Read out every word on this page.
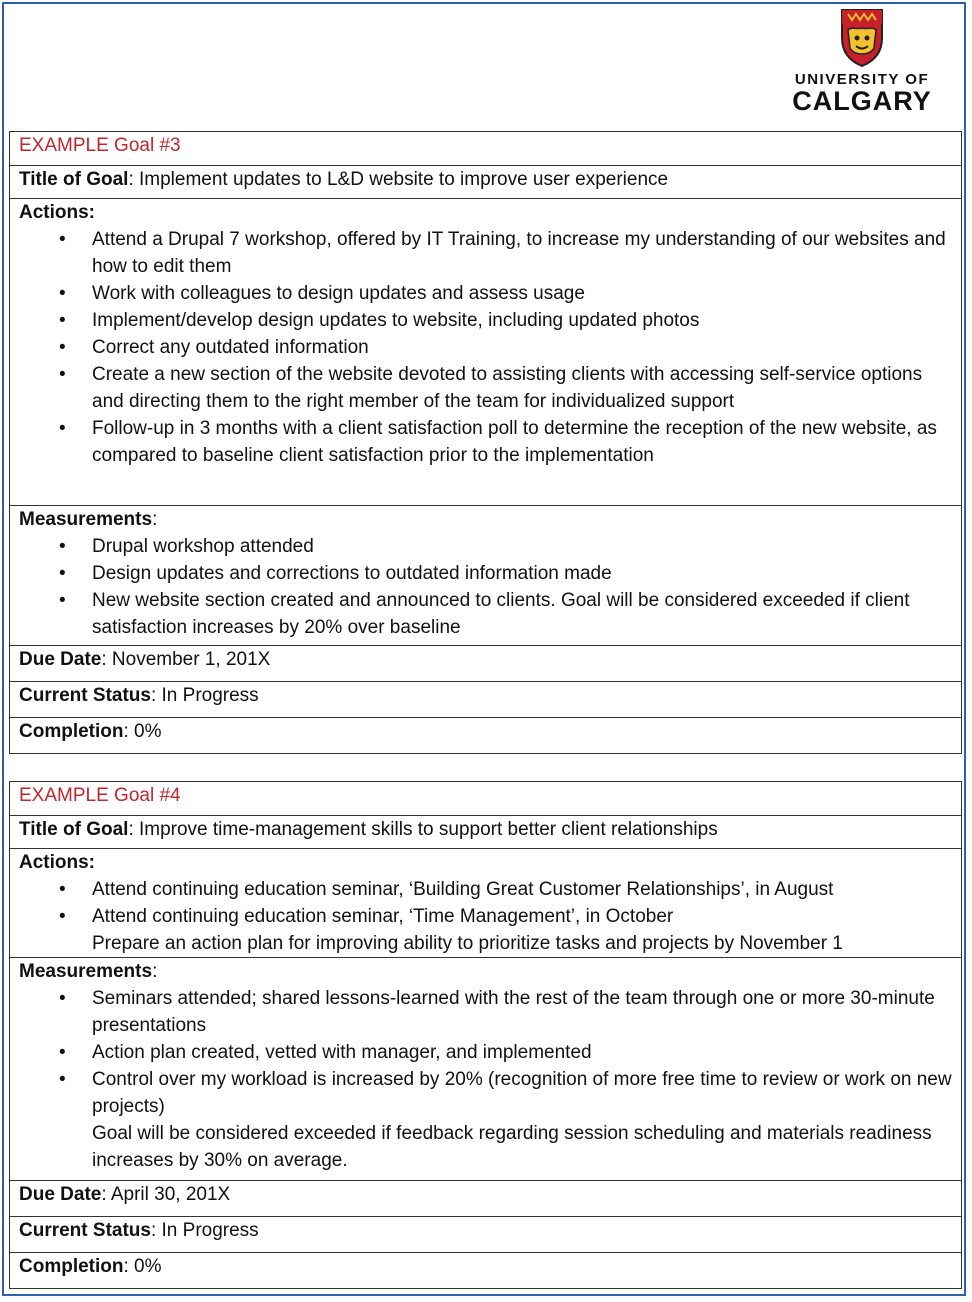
UNIVERSITY OF
CALGARY
EXAMPLE Goal #3
Title of Goal: Implement updates to L&D website to improve user experience
Actions:
• Attend a Drupal 7 workshop, offered by IT Training, to increase my understanding of our websites and how to edit them
• Work with colleagues to design updates and assess usage
• Implement/develop design updates to website, including updated photos
• Correct any outdated information
• Create a new section of the website devoted to assisting clients with accessing self-service options and directing them to the right member of the team for individualized support
• Follow-up in 3 months with a client satisfaction poll to determine the reception of the new website, as compared to baseline client satisfaction prior to the implementation

Measurements:
• Drupal workshop attended
• Design updates and corrections to outdated information made
• New website section created and announced to clients. Goal will be considered exceeded if client satisfaction increases by 20% over baseline

Due Date: November 1, 201X
Current Status: In Progress
Completion: 0%
EXAMPLE Goal #4
Title of Goal: Improve time-management skills to support better client relationships
Actions:
• Attend continuing education seminar, ‘Building Great Customer Relationships’, in August
• Attend continuing education seminar, ‘Time Management’, in October
Prepare an action plan for improving ability to prioritize tasks and projects by November 1

Measurements:
• Seminars attended; shared lessons-learned with the rest of the team through one or more 30-minute presentations
• Action plan created, vetted with manager, and implemented
• Control over my workload is increased by 20% (recognition of more free time to review or work on new projects)
Goal will be considered exceeded if feedback regarding session scheduling and materials readiness increases by 30% on average.

Due Date: April 30, 201X
Current Status: In Progress
Completion: 0%
